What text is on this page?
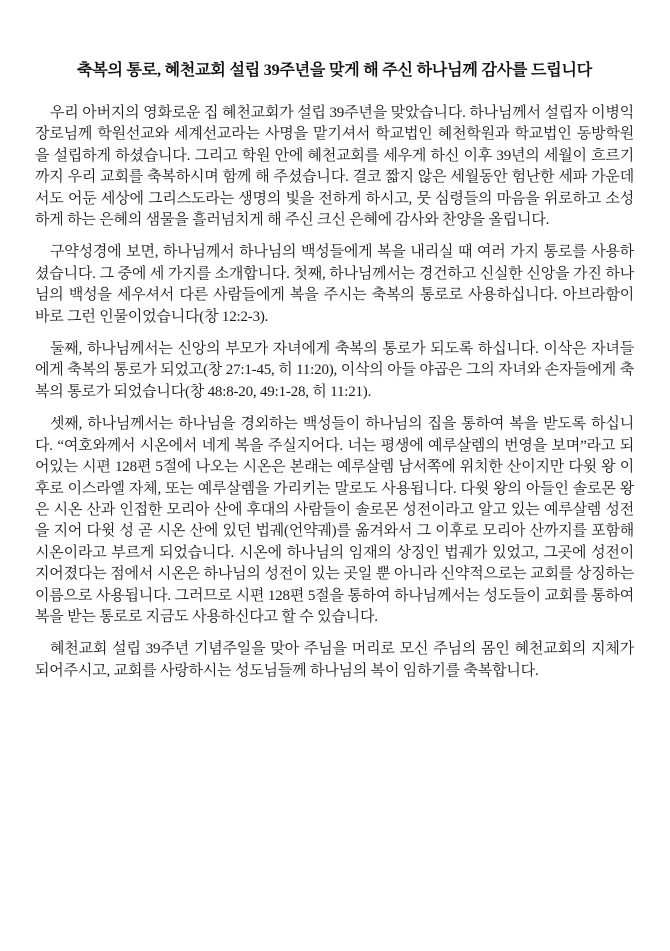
축복의 통로, 혜천교회 설립 39주년을 맞게 해 주신 하나님께 감사를 드립니다

우리 아버지의 영화로운 집 혜천교회가 설립 39주년을 맞았습니다. 하나님께서 설립자 이병익 장로님께 학원선교와 세계선교라는 사명을 맡기셔서 학교법인 혜천학원과 학교법인 동방학원을 설립하게 하셨습니다. 그리고 학원 안에 혜천교회를 세우게 하신 이후 39년의 세월이 흐르기까지 우리 교회를 축복하시며 함께 해 주셨습니다. 결코 짧지 않은 세월동안 험난한 세파 가운데서도 어둔 세상에 그리스도라는 생명의 빛을 전하게 하시고, 뭇 심령들의 마음을 위로하고 소성하게 하는 은혜의 샘물을 흘러넘치게 해 주신 크신 은혜에 감사와 찬양을 올립니다.

구약성경에 보면, 하나님께서 하나님의 백성들에게 복을 내리실 때 여러 가지 통로를 사용하셨습니다. 그 중에 세 가지를 소개합니다. 첫째, 하나님께서는 경건하고 신실한 신앙을 가진 하나님의 백성을 세우셔서 다른 사람들에게 복을 주시는 축복의 통로로 사용하십니다. 아브라함이 바로 그런 인물이었습니다(창 12:2-3).

둘째, 하나님께서는 신앙의 부모가 자녀에게 축복의 통로가 되도록 하십니다. 이삭은 자녀들에게 축복의 통로가 되었고(창 27:1-45, 히 11:20), 이삭의 아들 야곱은 그의 자녀와 손자들에게 축복의 통로가 되었습니다(창 48:8-20, 49:1-28, 히 11:21).

셋째, 하나님께서는 하나님을 경외하는 백성들이 하나님의 집을 통하여 복을 받도록 하십니다. “여호와께서 시온에서 네게 복을 주실지어다. 너는 평생에 예루살렘의 번영을 보며”라고 되어있는 시편 128편 5절에 나오는 시온은 본래는 예루살렘 남서쪽에 위치한 산이지만 다윗 왕 이후로 이스라엘 자체, 또는 예루살렘을 가리키는 말로도 사용됩니다. 다윗 왕의 아들인 솔로몬 왕은 시온 산과 인접한 모리아 산에 후대의 사람들이 솔로몬 성전이라고 알고 있는 예루살렘 성전을 지어 다윗 성 곧 시온 산에 있던 법궤(언약궤)를 옮겨와서 그 이후로 모리아 산까지를 포함해 시온이라고 부르게 되었습니다. 시온에 하나님의 임재의 상징인 법궤가 있었고, 그곳에 성전이 지어졌다는 점에서 시온은 하나님의 성전이 있는 곳일 뿐 아니라 신약적으로는 교회를 상징하는 이름으로 사용됩니다. 그러므로 시편 128편 5절을 통하여 하나님께서는 성도들이 교회를 통하여 복을 받는 통로로 지금도 사용하신다고 할 수 있습니다.

혜천교회 설립 39주년 기념주일을 맞아 주님을 머리로 모신 주님의 몸인 혜천교회의 지체가 되어주시고, 교회를 사랑하시는 성도님들께 하나님의 복이 임하기를 축복합니다.
